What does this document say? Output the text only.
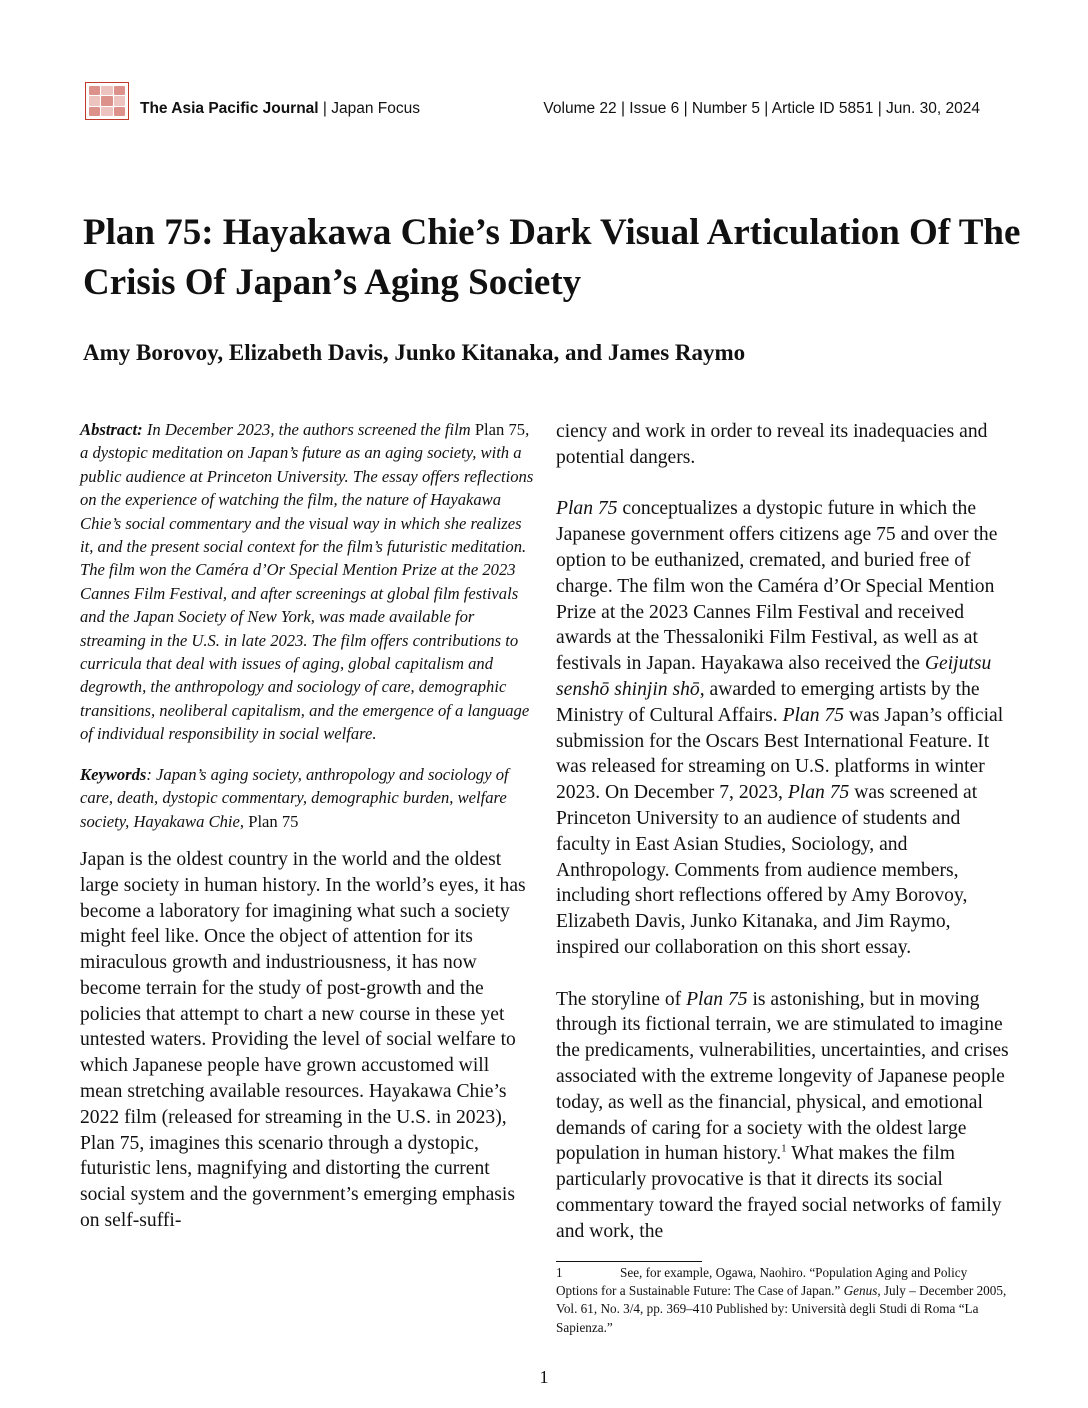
The Asia Pacific Journal | Japan Focus	Volume 22 | Issue 6 | Number 5 | Article ID 5851 | Jun. 30, 2024
Plan 75: Hayakawa Chie’s Dark Visual Articulation Of The Crisis Of Japan’s Aging Society
Amy Borovoy, Elizabeth Davis, Junko Kitanaka, and James Raymo

Abstract: In December 2023, the authors screened the film Plan 75, a dystopic meditation on Japan’s future as an aging society, with a public audience at Princeton University. The essay offers reflections on the experience of watching the film, the nature of Hayakawa Chie’s social commentary and the visual way in which she realizes it, and the present social context for the film’s futuristic meditation. The film won the Caméra d’Or Special Mention Prize at the 2023 Cannes Film Festival, and after screenings at global film festivals and the Japan Society of New York, was made available for streaming in the U.S. in late 2023. The film offers contributions to curricula that deal with issues of aging, global capitalism and degrowth, the anthropology and sociology of care, demographic transitions, neoliberal capitalism, and the emergence of a language of individual responsibility in social welfare.

Keywords: Japan’s aging society, anthropology and sociology of care, death, dystopic commentary, demographic burden, welfare society, Hayakawa Chie, Plan 75

Japan is the oldest country in the world and the oldest large society in human history. In the world’s eyes, it has become a laboratory for imagining what such a society might feel like. Once the object of attention for its miraculous growth and industriousness, it has now become terrain for the study of post-growth and the policies that attempt to chart a new course in these yet untested waters. Providing the level of social welfare to which Japanese people have grown accustomed will mean stretching available resources. Hayakawa Chie’s 2022 film (released for streaming in the U.S. in 2023), Plan 75, imagines this scenario through a dystopic, futuristic lens, magnifying and distorting the current social system and the government’s emerging emphasis on self-suffi-

ciency and work in order to reveal its inadequacies and potential dangers.

Plan 75 conceptualizes a dystopic future in which the Japanese government offers citizens age 75 and over the option to be euthanized, cremated, and buried free of charge. The film won the Caméra d’Or Special Mention Prize at the 2023 Cannes Film Festival and received awards at the Thessaloniki Film Festival, as well as at festivals in Japan. Hayakawa also received the Geijutsu senshō shinjin shō, awarded to emerging artists by the Ministry of Cultural Affairs. Plan 75 was Japan’s official submission for the Oscars Best International Feature. It was released for streaming on U.S. platforms in winter 2023. On December 7, 2023, Plan 75 was screened at Princeton University to an audience of students and faculty in East Asian Studies, Sociology, and Anthropology. Comments from audience members, including short reflections offered by Amy Borovoy, Elizabeth Davis, Junko Kitanaka, and Jim Raymo, inspired our collaboration on this short essay.

The storyline of Plan 75 is astonishing, but in moving through its fictional terrain, we are stimulated to imagine the predicaments, vulnerabilities, uncertainties, and crises associated with the extreme longevity of Japanese people today, as well as the financial, physical, and emotional demands of caring for a society with the oldest large population in human history.$^1$ What makes the film particularly provocative is that it directs its social commentary toward the frayed social networks of family and work, the

1	See, for example, Ogawa, Naohiro. “Population Aging and Policy Options for a Sustainable Future: The Case of Japan.” Genus, July – December 2005, Vol. 61, No. 3/4, pp. 369–410 Published by: Università degli Studi di Roma “La Sapienza.”

1
